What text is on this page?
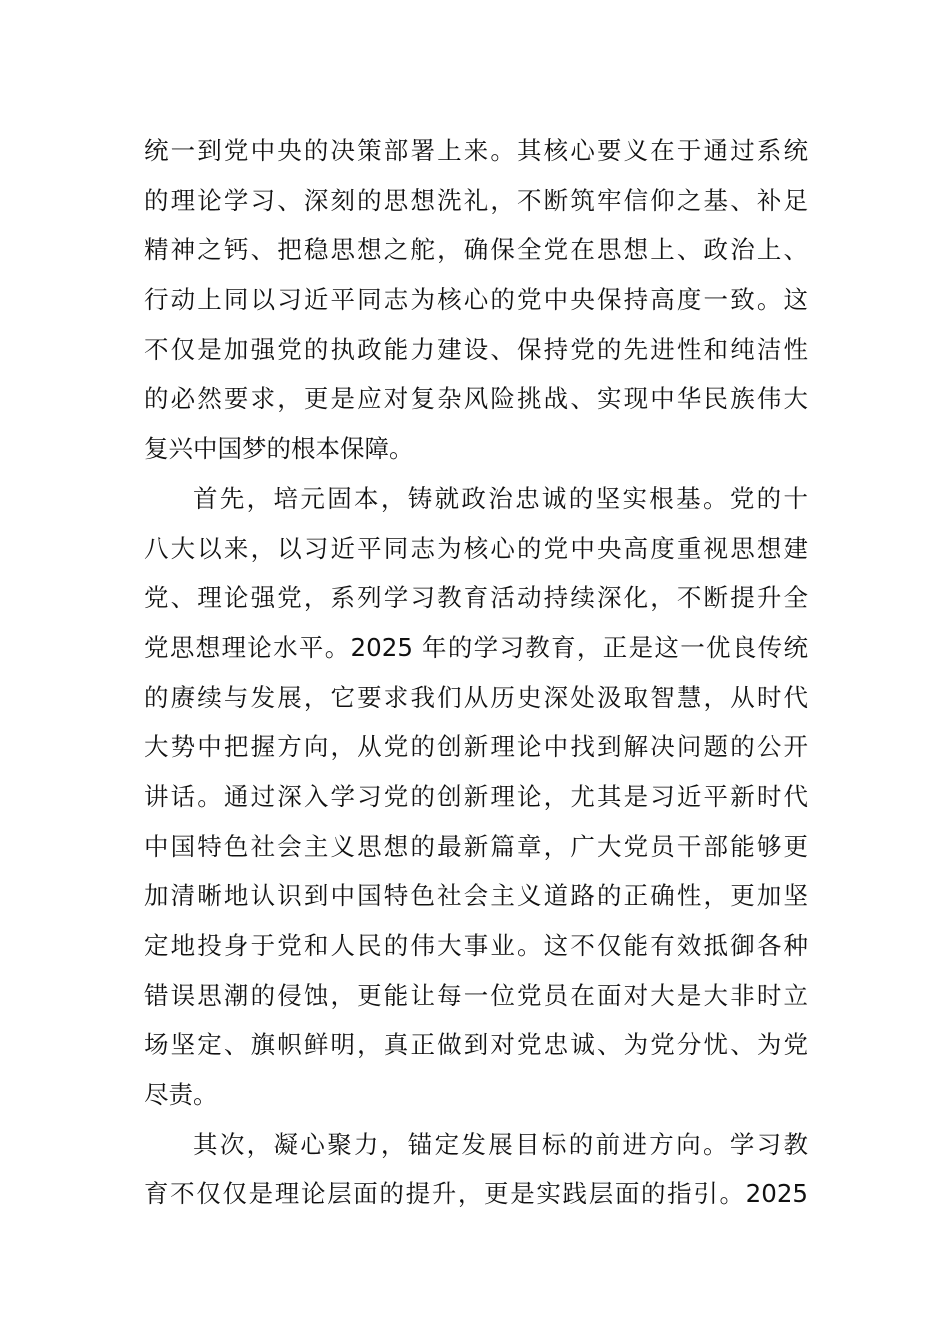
统一到党中央的决策部署上来。其核心要义在于通过系统
的理论学习、深刻的思想洗礼，不断筑牢信仰之基、补足
精神之钙、把稳思想之舵，确保全党在思想上、政治上、
行动上同以习近平同志为核心的党中央保持高度一致。这
不仅是加强党的执政能力建设、保持党的先进性和纯洁性
的必然要求，更是应对复杂风险挑战、实现中华民族伟大
复兴中国梦的根本保障。
首先，培元固本，铸就政治忠诚的坚实根基。党的十
八大以来，以习近平同志为核心的党中央高度重视思想建
党、理论强党，系列学习教育活动持续深化，不断提升全
党思想理论水平。2025 年的学习教育，正是这一优良传统
的赓续与发展，它要求我们从历史深处汲取智慧，从时代
大势中把握方向，从党的创新理论中找到解决问题的公开
讲话。通过深入学习党的创新理论，尤其是习近平新时代
中国特色社会主义思想的最新篇章，广大党员干部能够更
加清晰地认识到中国特色社会主义道路的正确性，更加坚
定地投身于党和人民的伟大事业。这不仅能有效抵御各种
错误思潮的侵蚀，更能让每一位党员在面对大是大非时立
场坚定、旗帜鲜明，真正做到对党忠诚、为党分忧、为党
尽责。
其次，凝心聚力，锚定发展目标的前进方向。学习教
育不仅仅是理论层面的提升，更是实践层面的指引。2025
